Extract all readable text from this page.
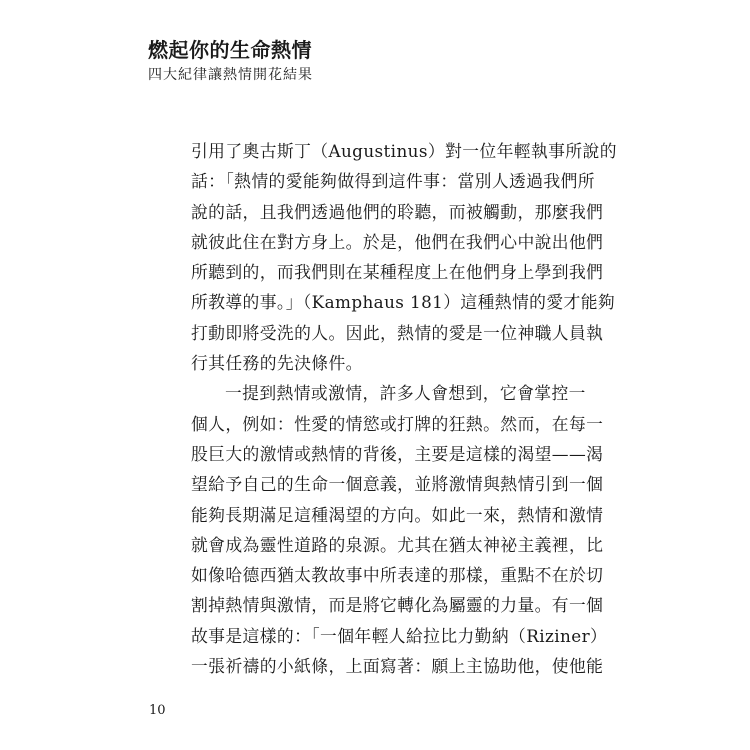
燃起你的生命熱情
四大紀律讓熱情開花結果
引用了奧古斯丁（Augustinus）對一位年輕執事所說的
話：「熱情的愛能夠做得到這件事：當別人透過我們所
說的話，且我們透過他們的聆聽，而被觸動，那麼我們
就彼此住在對方身上。於是，他們在我們心中說出他們
所聽到的，而我們則在某種程度上在他們身上學到我們
所教導的事。」（Kamphaus 181）這種熱情的愛才能夠
打動即將受洗的人。因此，熱情的愛是一位神職人員執
行其任務的先決條件。
一提到熱情或激情，許多人會想到，它會掌控一
個人，例如：性愛的情慾或打牌的狂熱。然而，在每一
股巨大的激情或熱情的背後，主要是這樣的渴望——渴
望給予自己的生命一個意義，並將激情與熱情引到一個
能夠長期滿足這種渴望的方向。如此一來，熱情和激情
就會成為靈性道路的泉源。尤其在猶太神祕主義裡，比
如像哈德西猶太教故事中所表達的那樣，重點不在於切
割掉熱情與激情，而是將它轉化為屬靈的力量。有一個
故事是這樣的：「一個年輕人給拉比力勤納（Riziner）
一張祈禱的小紙條，上面寫著：願上主協助他，使他能
10
